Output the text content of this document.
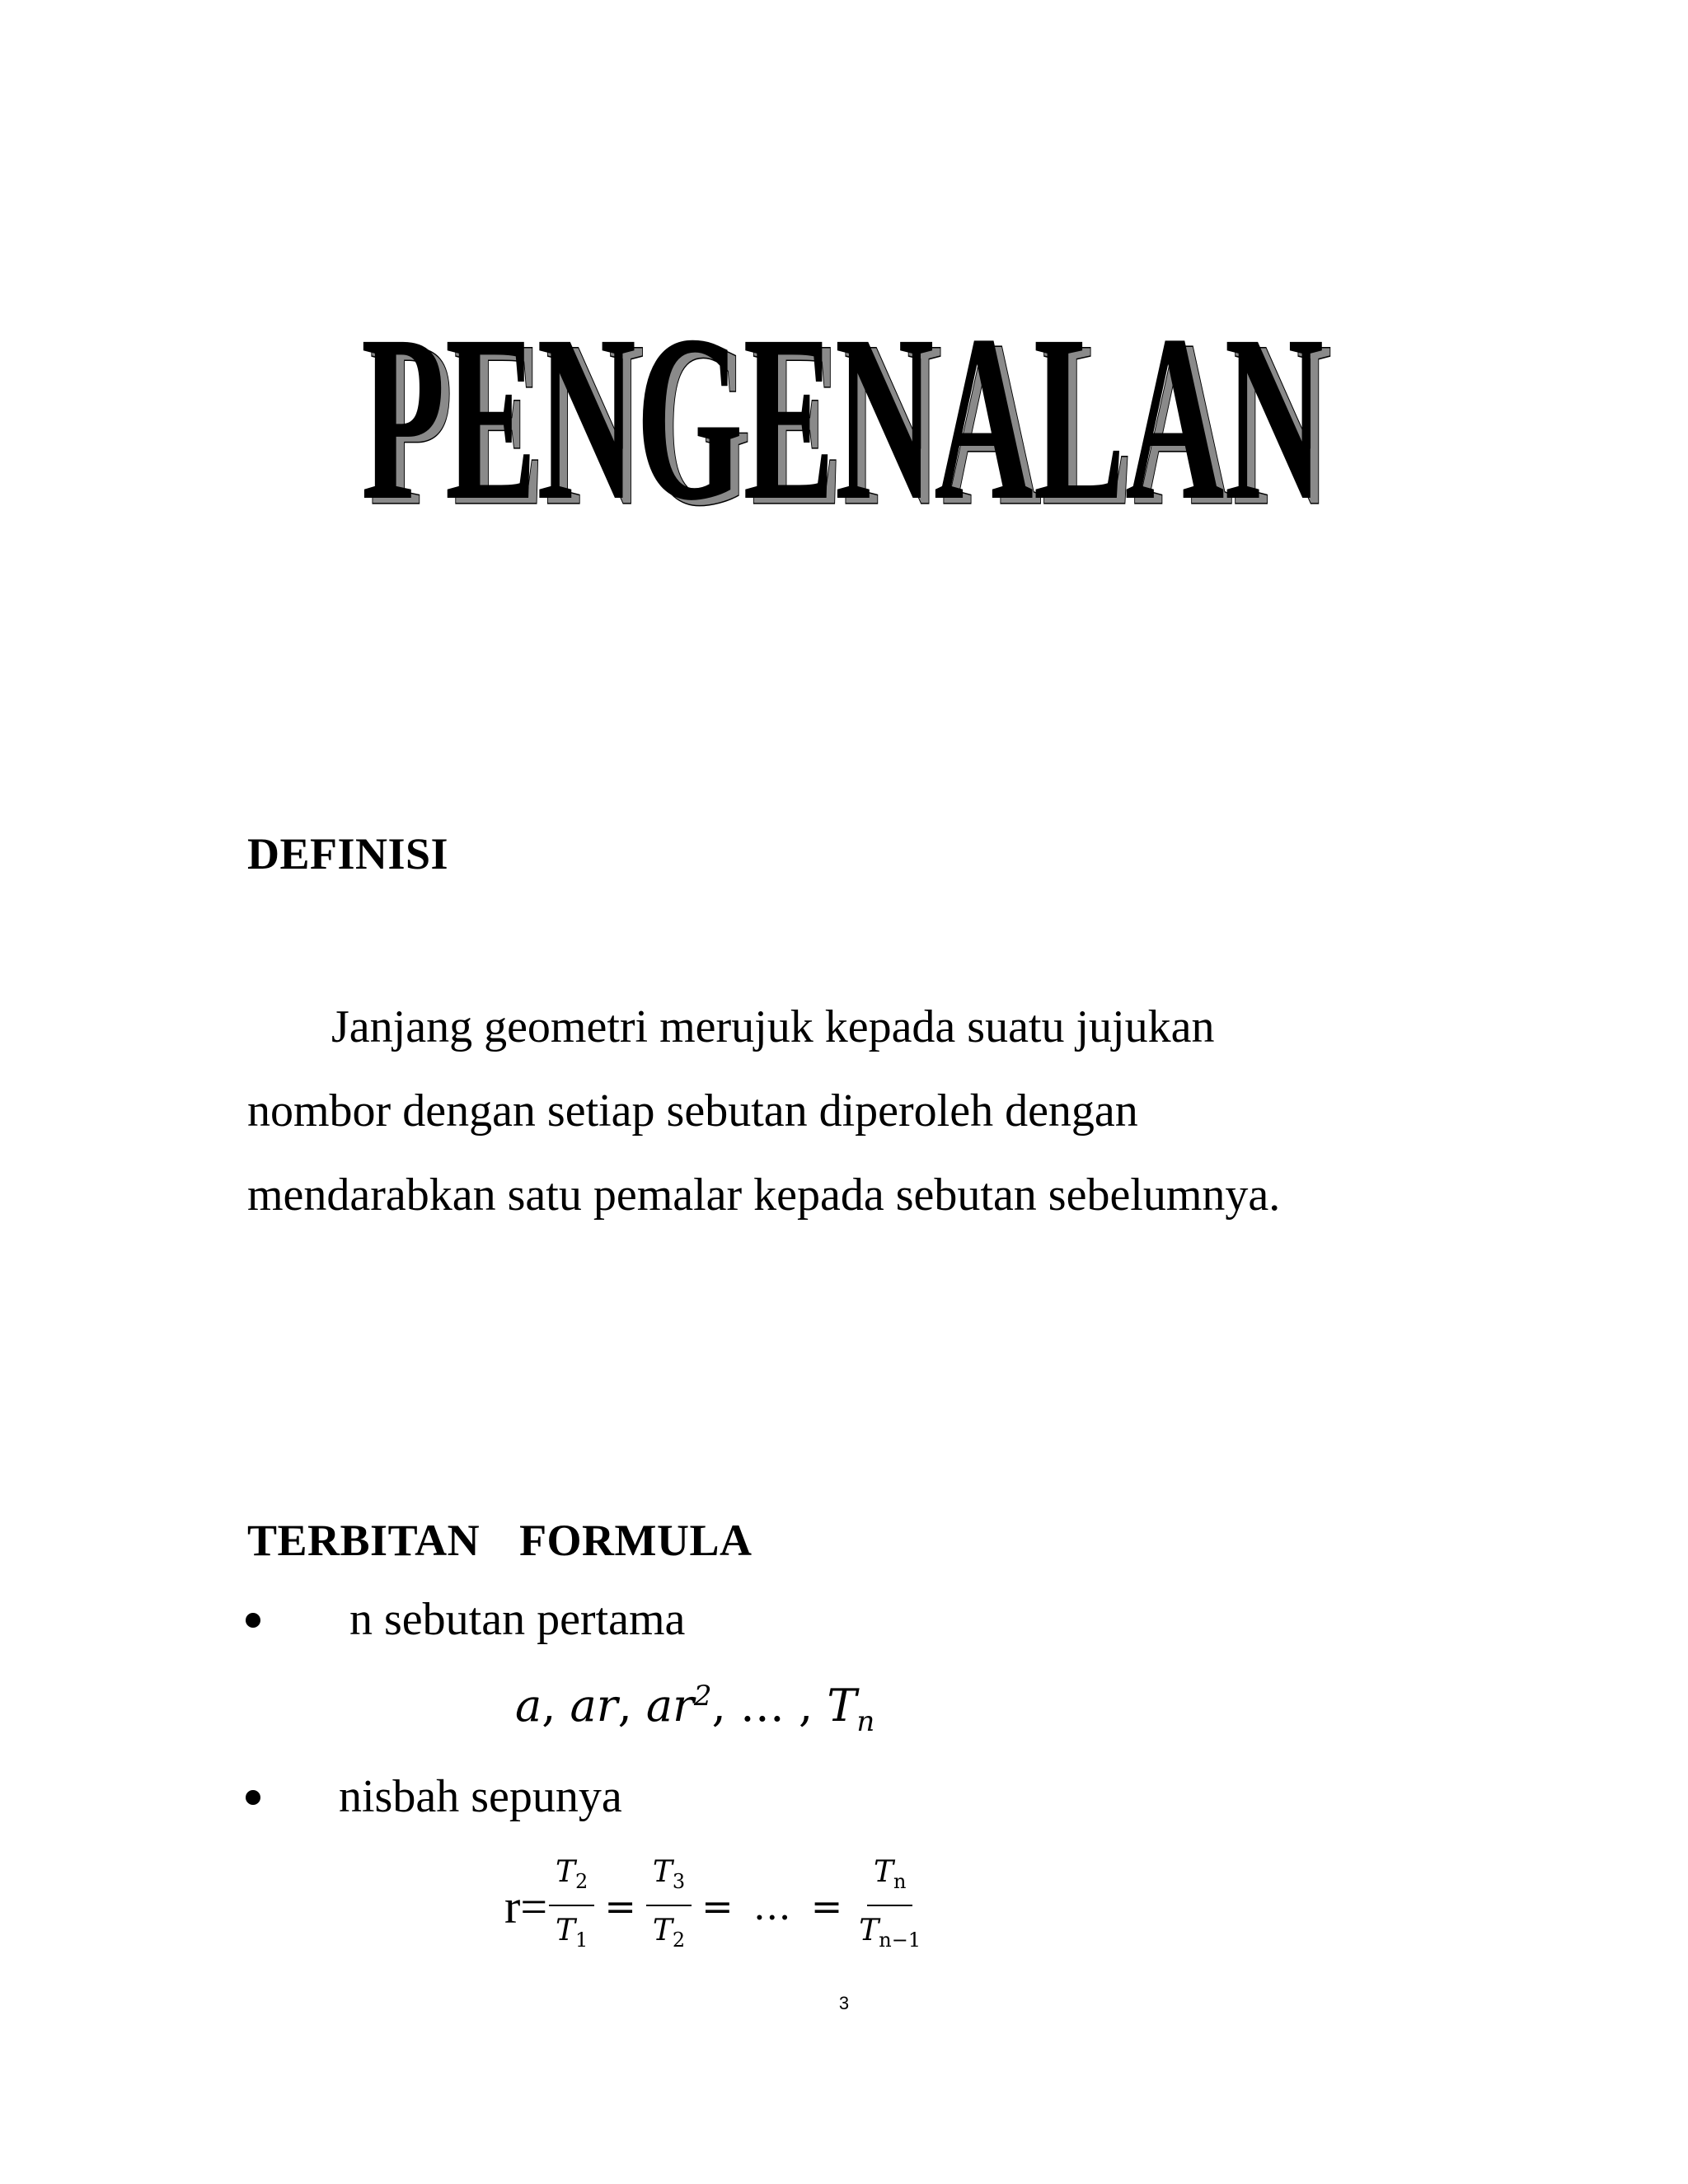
PENGENALAN
PENGENALAN
DEFINISI
Janjang geometri merujuk kepada suatu jujukan
nombor dengan setiap sebutan diperoleh dengan
mendarabkan satu pemalar kepada sebutan sebelumnya.
TERBITAN  FORMULA
n sebutan pertama
a, ar, $ar^2$, … , $T_n$
nisbah sepunya
$r= \frac{T_2}{T_1} = \frac{T_3}{T_2}$ = … = $\frac{T_n}{T_{n-1}}$
3
